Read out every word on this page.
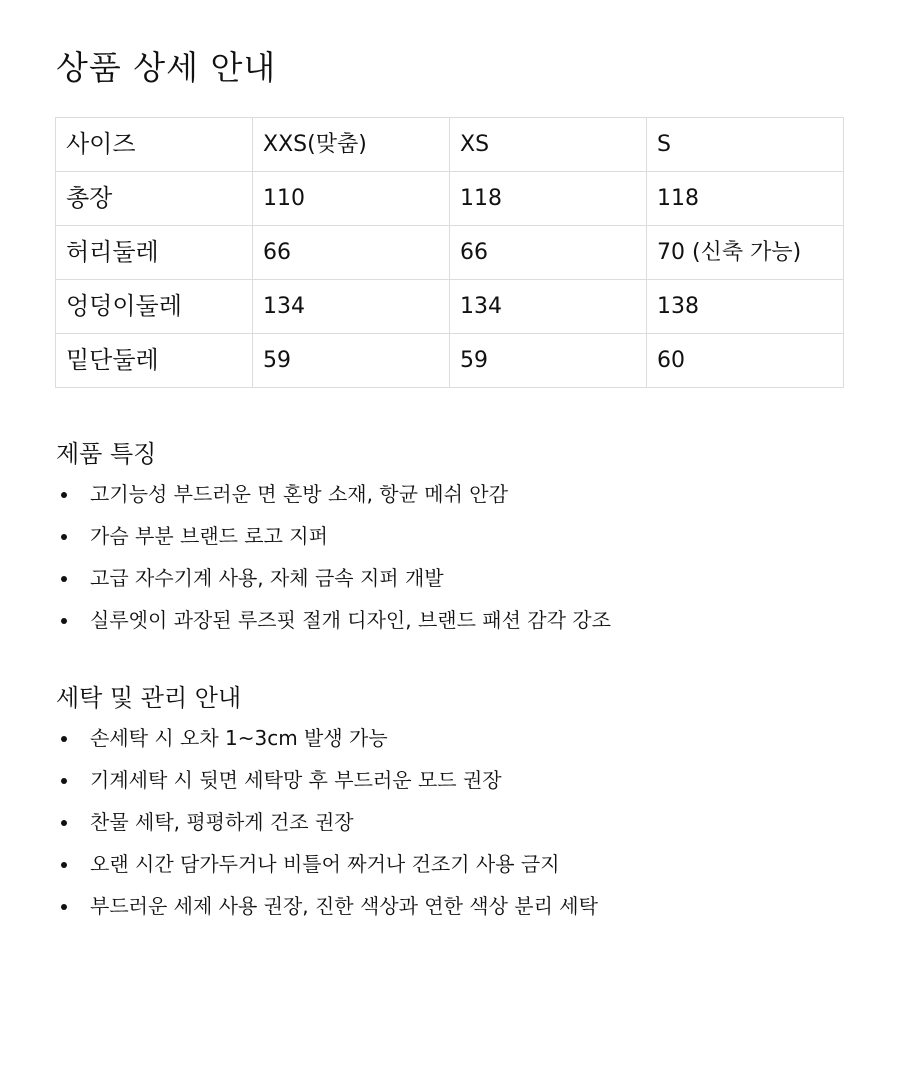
상품 상세 안내
사이즈	XXS(맞춤)	XS	S
총장	110	118	118
허리둘레	66	66	70 (신축 가능)
엉덩이둘레	134	134	138
밑단둘레	59	59	60
제품 특징
고기능성 부드러운 면 혼방 소재, 항균 메쉬 안감
가슴 부분 브랜드 로고 지퍼
고급 자수기계 사용, 자체 금속 지퍼 개발
실루엣이 과장된 루즈핏 절개 디자인, 브랜드 패션 감각 강조
세탁 및 관리 안내
손세탁 시 오차 1~3cm 발생 가능
기계세탁 시 뒷면 세탁망 후 부드러운 모드 권장
찬물 세탁, 평평하게 건조 권장
오랜 시간 담가두거나 비틀어 짜거나 건조기 사용 금지
부드러운 세제 사용 권장, 진한 색상과 연한 색상 분리 세탁
